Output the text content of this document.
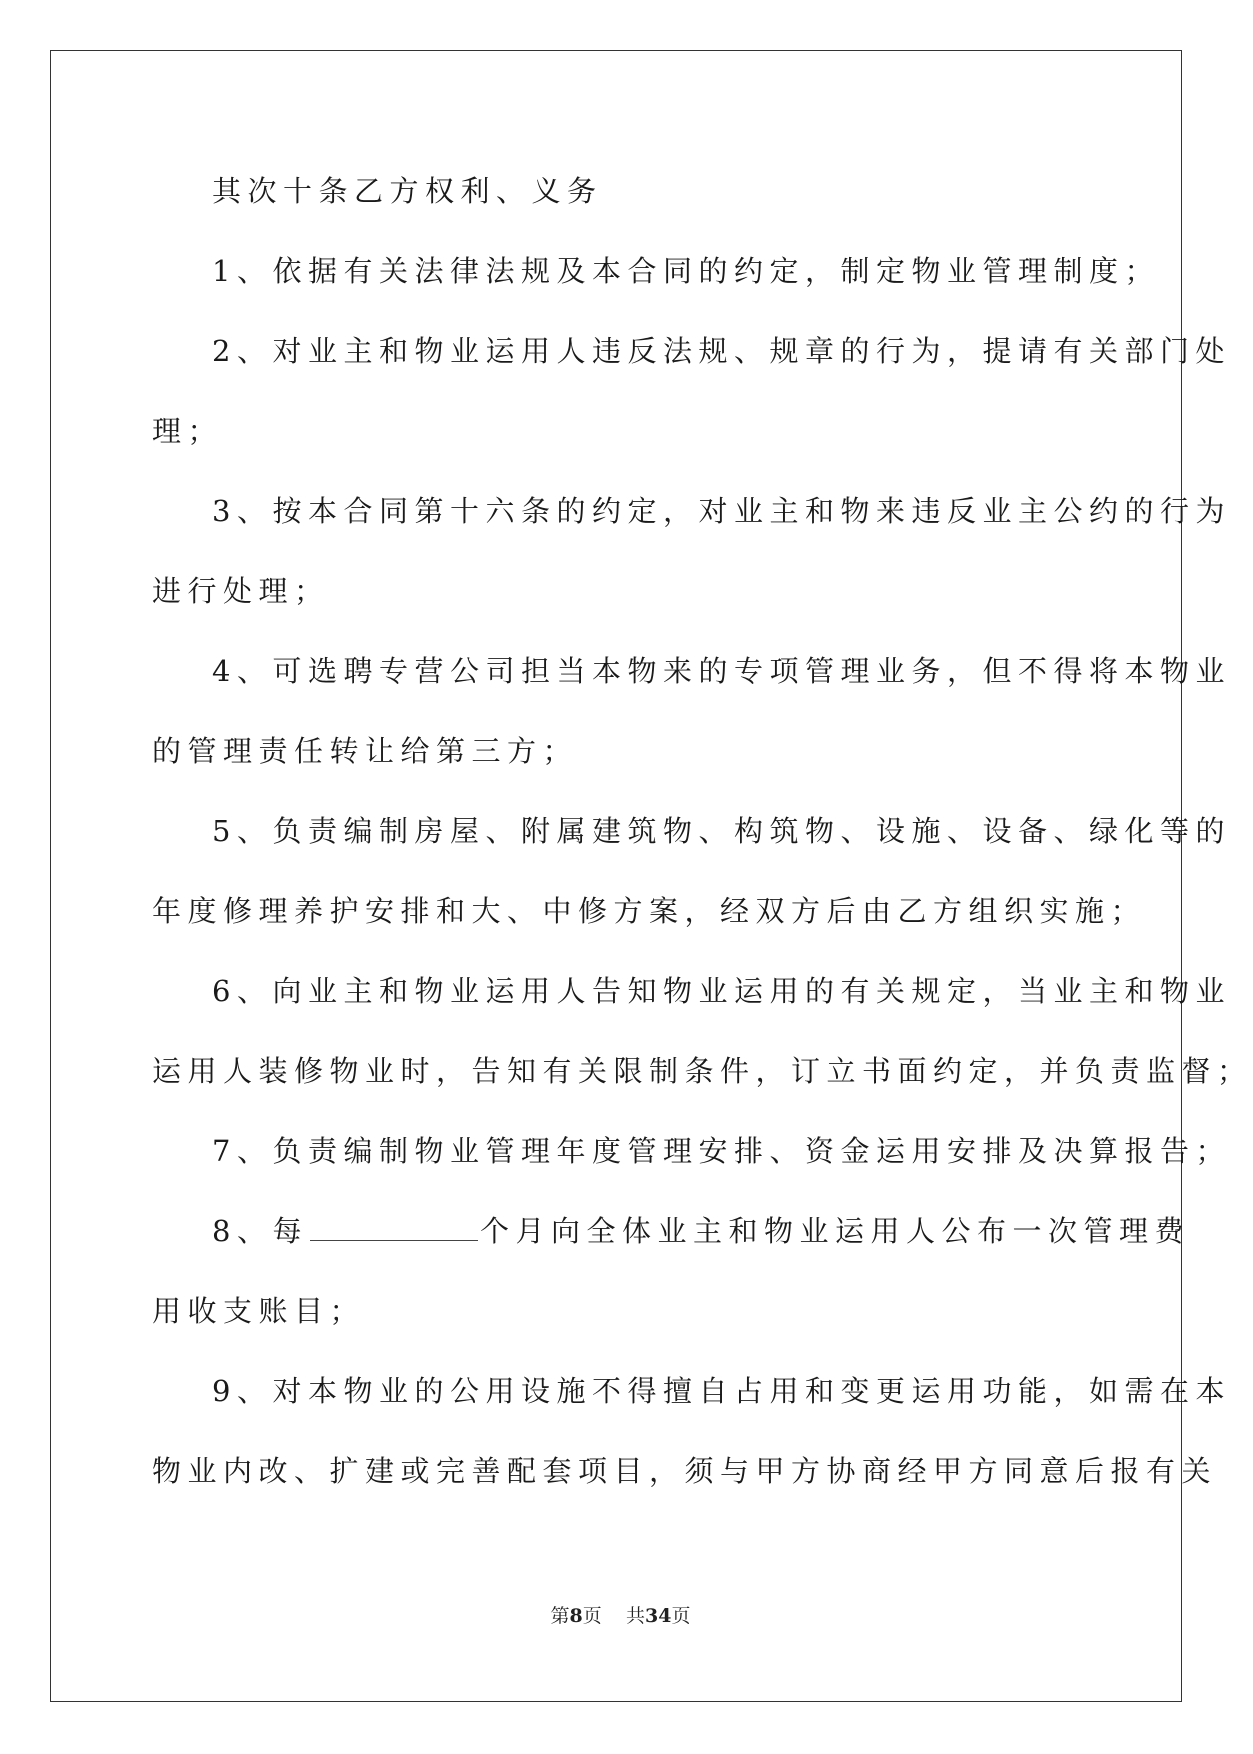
其次十条乙方权利、义务
1、依据有关法律法规及本合同的约定，制定物业管理制度；
2、对业主和物业运用人违反法规、规章的行为，提请有关部门处
理；
3、按本合同第十六条的约定，对业主和物来违反业主公约的行为
进行处理；
4、可选聘专营公司担当本物来的专项管理业务，但不得将本物业
的管理责任转让给第三方；
5、负责编制房屋、附属建筑物、构筑物、设施、设备、绿化等的
年度修理养护安排和大、中修方案，经双方后由乙方组织实施；
6、向业主和物业运用人告知物业运用的有关规定，当业主和物业
运用人装修物业时，告知有关限制条件，订立书面约定，并负责监督；
7、负责编制物业管理年度管理安排、资金运用安排及决算报告；
8、每	个月向全体业主和物业运用人公布一次管理费
用收支账目；
9、对本物业的公用设施不得擅自占用和变更运用功能，如需在本
物业内改、扩建或完善配套项目，须与甲方协商经甲方同意后报有关
第8页 共34页
